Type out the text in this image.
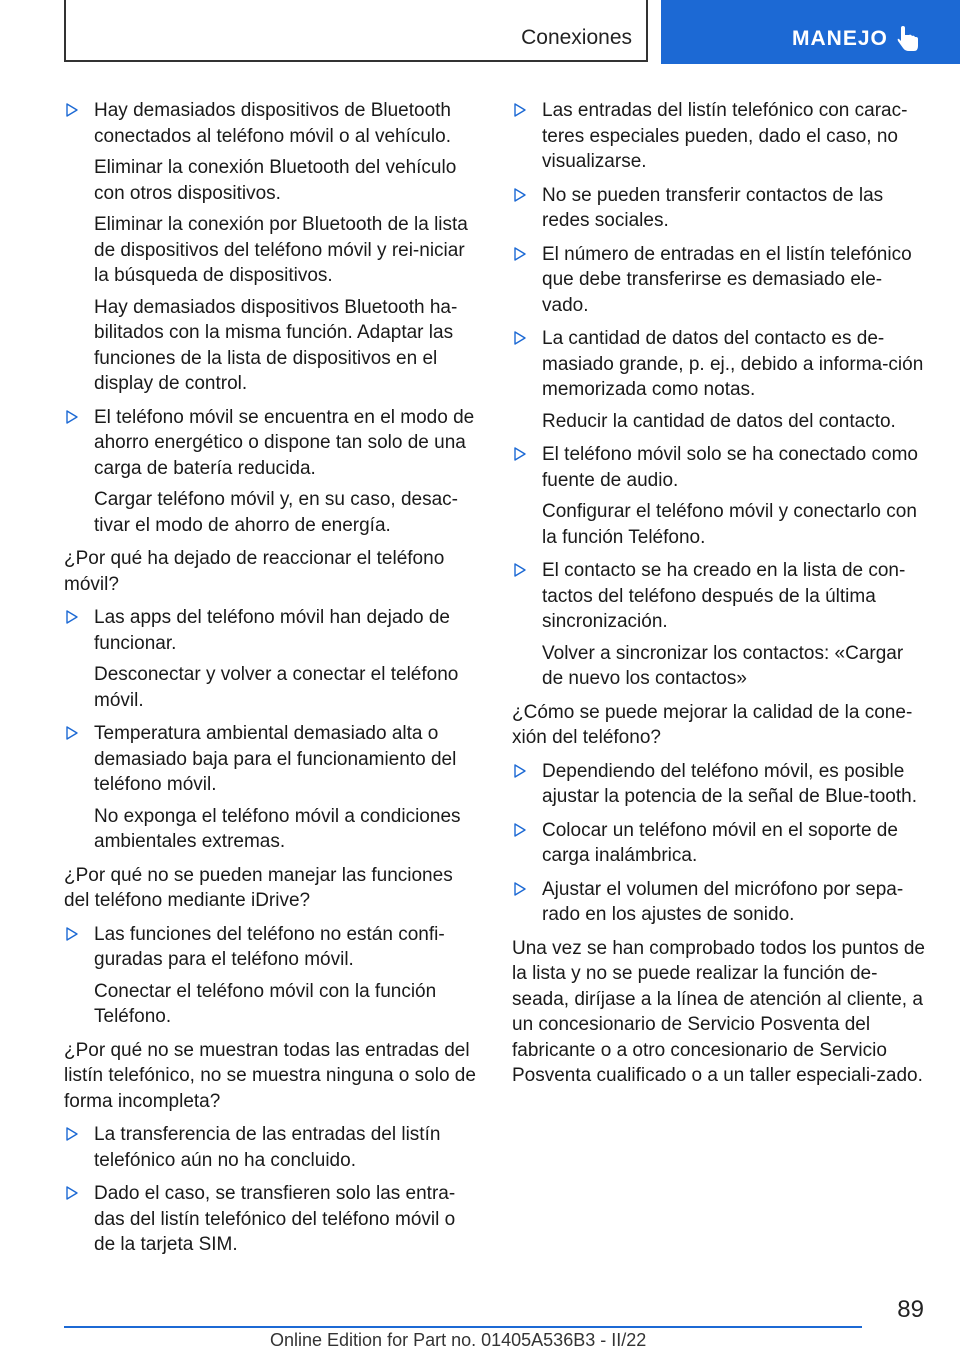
Conexiones	MANEJO
Hay demasiados dispositivos de Bluetooth conectados al teléfono móvil o al vehículo.
Eliminar la conexión Bluetooth del vehículo con otros dispositivos.
Eliminar la conexión por Bluetooth de la lista de dispositivos del teléfono móvil y rei-niciar la búsqueda de dispositivos.
Hay demasiados dispositivos Bluetooth ha-bilitados con la misma función. Adaptar las funciones de la lista de dispositivos en el display de control.
El teléfono móvil se encuentra en el modo de ahorro energético o dispone tan solo de una carga de batería reducida.
Cargar teléfono móvil y, en su caso, desac-tivar el modo de ahorro de energía.
¿Por qué ha dejado de reaccionar el teléfono móvil?
Las apps del teléfono móvil han dejado de funcionar.
Desconectar y volver a conectar el teléfono móvil.
Temperatura ambiental demasiado alta o demasiado baja para el funcionamiento del teléfono móvil.
No exponga el teléfono móvil a condiciones ambientales extremas.
¿Por qué no se pueden manejar las funciones del teléfono mediante iDrive?
Las funciones del teléfono no están confi-guradas para el teléfono móvil.
Conectar el teléfono móvil con la función Teléfono.
¿Por qué no se muestran todas las entradas del listín telefónico, no se muestra ninguna o solo de forma incompleta?
La transferencia de las entradas del listín telefónico aún no ha concluido.
Dado el caso, se transfieren solo las entra-das del listín telefónico del teléfono móvil o de la tarjeta SIM.
Las entradas del listín telefónico con carac-teres especiales pueden, dado el caso, no visualizarse.
No se pueden transferir contactos de las redes sociales.
El número de entradas en el listín telefónico que debe transferirse es demasiado ele-vado.
La cantidad de datos del contacto es de-masiado grande, p. ej., debido a informa-ción memorizada como notas.
Reducir la cantidad de datos del contacto.
El teléfono móvil solo se ha conectado como fuente de audio.
Configurar el teléfono móvil y conectarlo con la función Teléfono.
El contacto se ha creado en la lista de con-tactos del teléfono después de la última sincronización.
Volver a sincronizar los contactos: «Cargar de nuevo los contactos»
¿Cómo se puede mejorar la calidad de la cone-xión del teléfono?
Dependiendo del teléfono móvil, es posible ajustar la potencia de la señal de Blue-tooth.
Colocar un teléfono móvil en el soporte de carga inalámbrica.
Ajustar el volumen del micrófono por sepa-rado en los ajustes de sonido.
Una vez se han comprobado todos los puntos de la lista y no se puede realizar la función de-seada, diríjase a la línea de atención al cliente, a un concesionario de Servicio Posventa del fabricante o a otro concesionario de Servicio Posventa cualificado o a un taller especiali-zado.
89
Online Edition for Part no. 01405A536B3 - II/22
